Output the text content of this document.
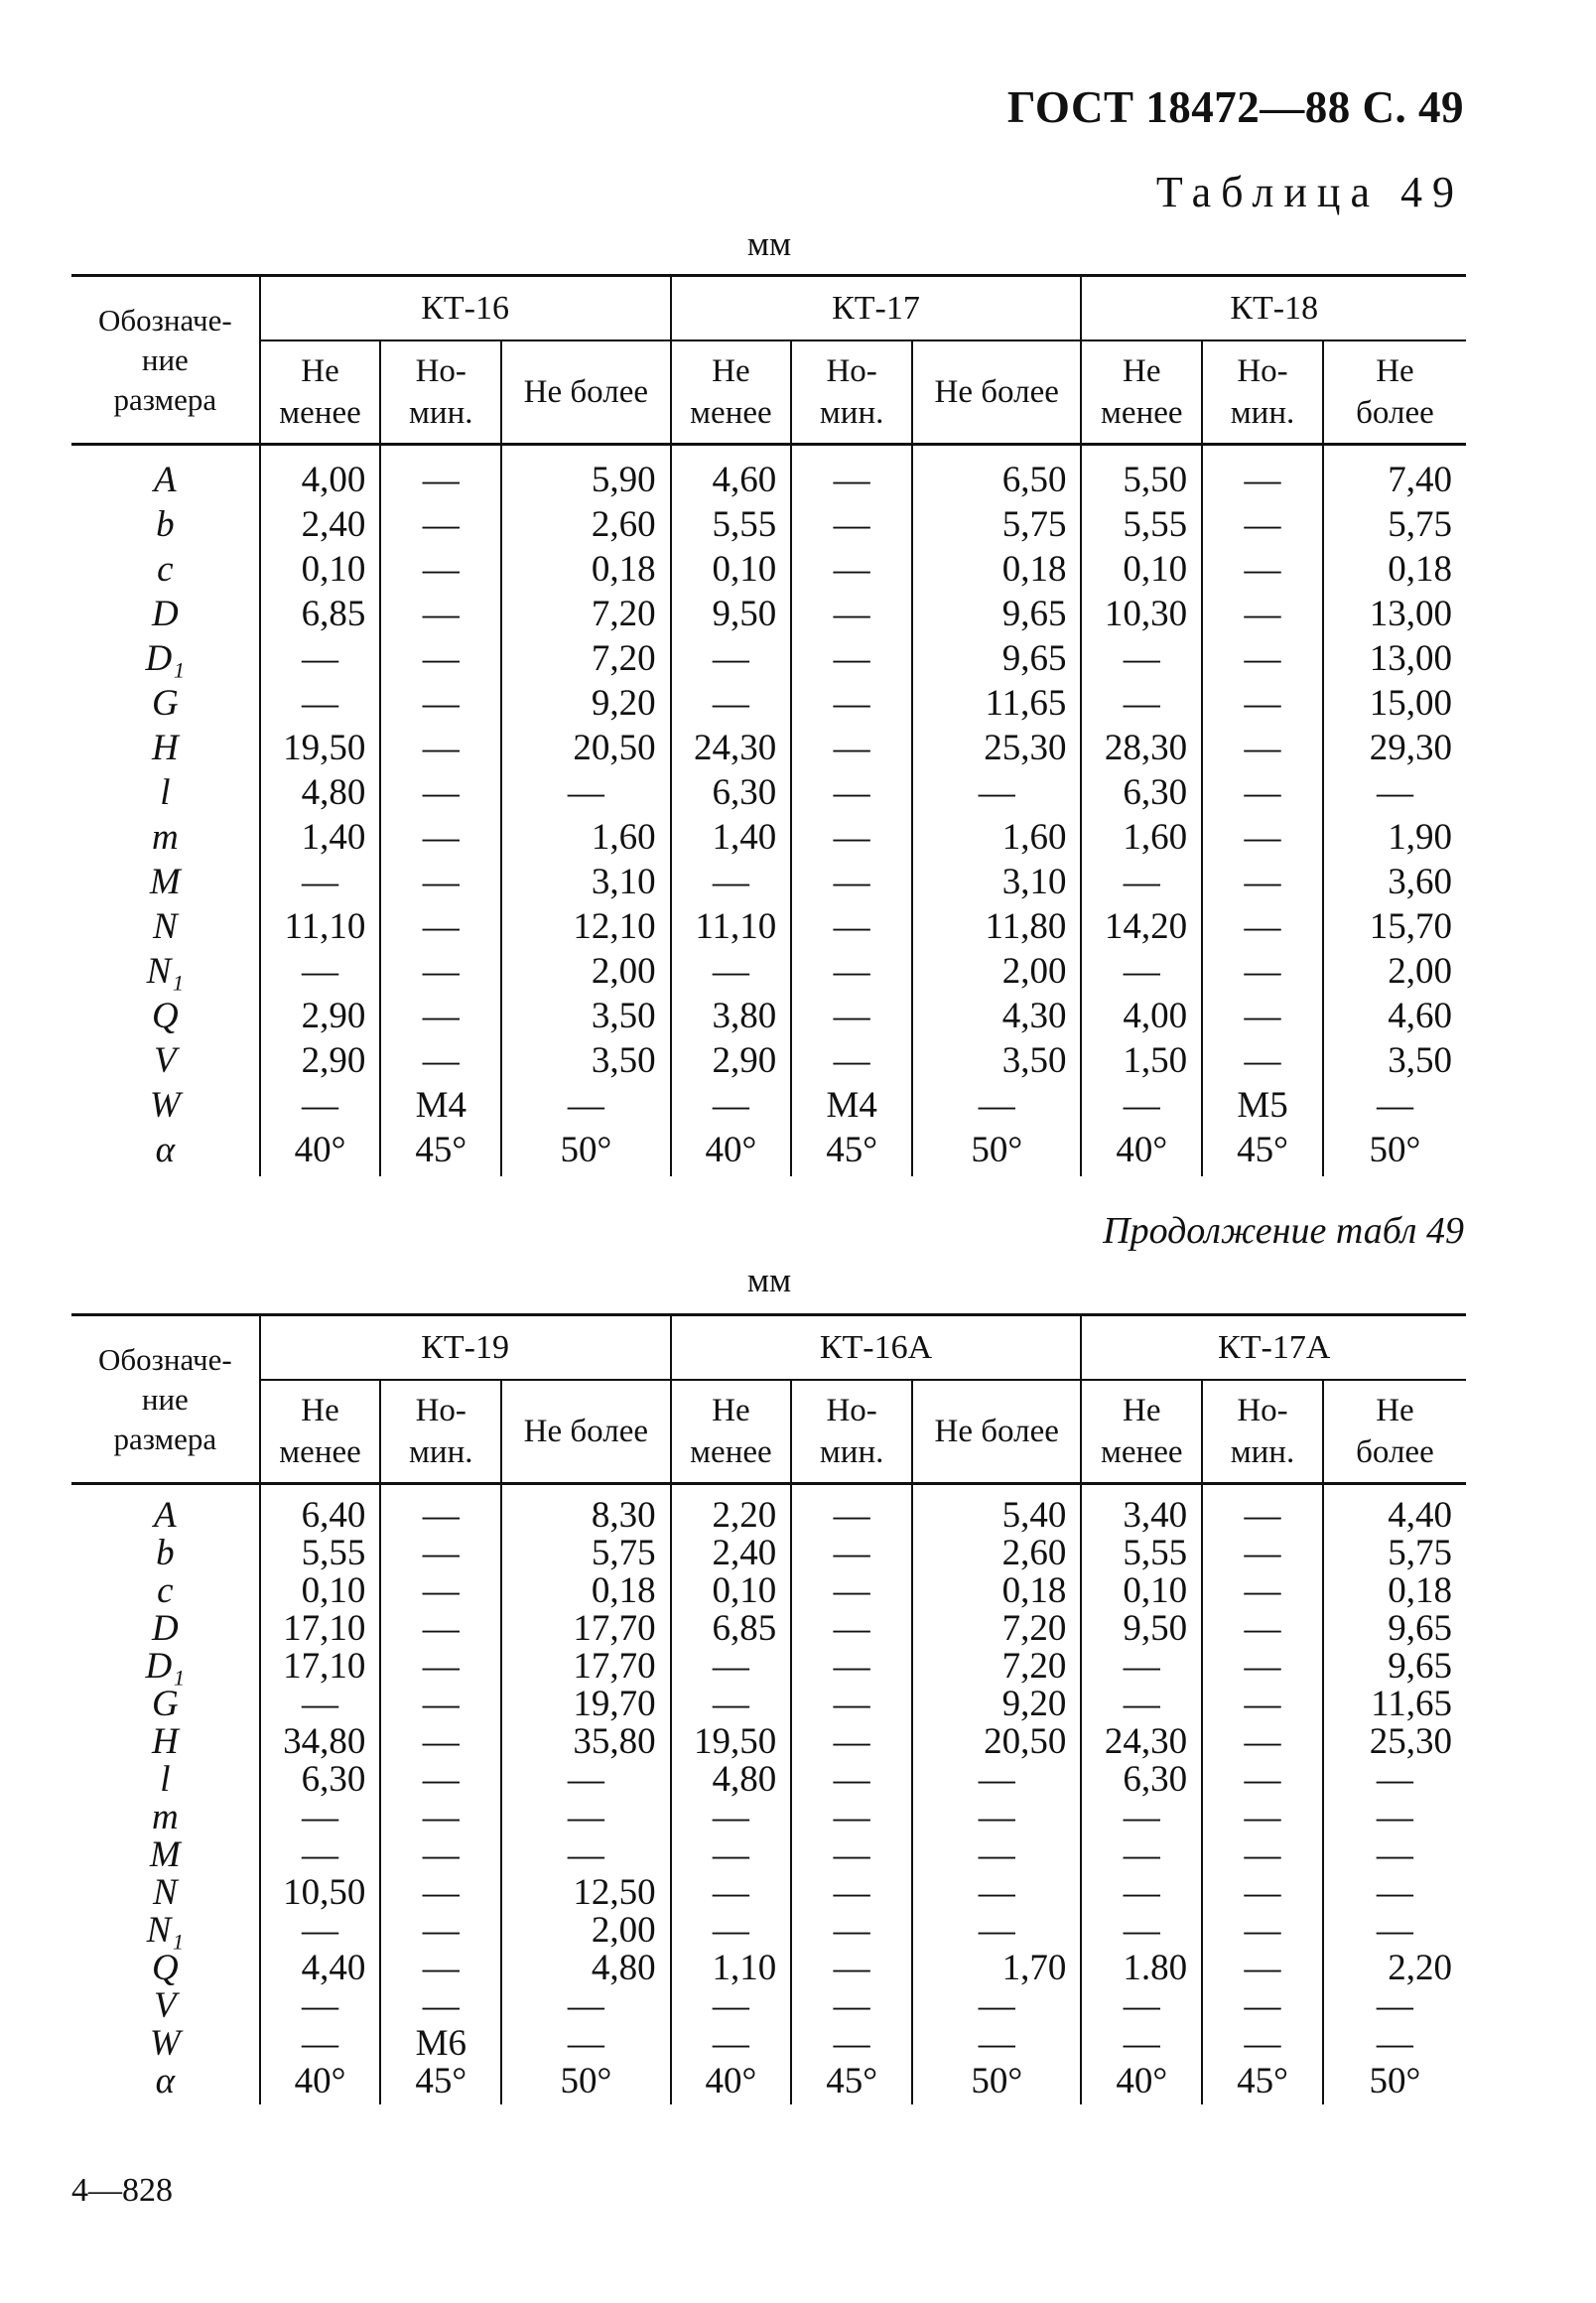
ГОСТ 18472—88 С. 49
Таблица 49
мм
Обозначе-
ние
размера	КТ-16			КТ-17			КТ-18		
	Не
менее	Но-
мин.	Не более	Не
менее	Но-
мин.	Не более	Не
менее	Но-
мин.	Не
более
A	4,00	—	5,90	4,60	—	6,50	5,50	—	7,40
b	2,40	—	2,60	5,55	—	5,75	5,55	—	5,75
c	0,10	—	0,18	0,10	—	0,18	0,10	—	0,18
D	6,85	—	7,20	9,50	—	9,65	10,30	—	13,00
D₁	—	—	7,20	—	—	9,65	—	—	13,00
G	—	—	9,20	—	—	11,65	—	—	15,00
H	19,50	—	20,50	24,30	—	25,30	28,30	—	29,30
l	4,80	—	—	6,30	—	—	6,30	—	—
m	1,40	—	1,60	1,40	—	1,60	1,60	—	1,90
M	—	—	3,10	—	—	3,10	—	—	3,60
N	11,10	—	12,10	11,10	—	11,80	14,20	—	15,70
N₁	—	—	2,00	—	—	2,00	—	—	2,00
Q	2,90	—	3,50	3,80	—	4,30	4,00	—	4,60
V	2,90	—	3,50	2,90	—	3,50	1,50	—	3,50
W	—	M4	—	—	M4	—	—	M5	—
α	40°	45°	50°	40°	45°	50°	40°	45°	50°
Продолжение табл 49
мм
Обозначе-
ние
размера	КТ-19			КТ-16А			КТ-17А		
	Не
менее	Но-
мин.	Не более	Не
менее	Но-
мин.	Не более	Не
менее	Но-
мин.	Не
более
A	6,40	—	8,30	2,20	—	5,40	3,40	—	4,40
b	5,55	—	5,75	2,40	—	2,60	5,55	—	5,75
c	0,10	—	0,18	0,10	—	0,18	0,10	—	0,18
D	17,10	—	17,70	6,85	—	7,20	9,50	—	9,65
D₁	17,10	—	17,70	—	—	7,20	—	—	9,65
G	—	—	19,70	—	—	9,20	—	—	11,65
H	34,80	—	35,80	19,50	—	20,50	24,30	—	25,30
l	6,30	—	—	4,80	—	—	6,30	—	—
m	—	—	—	—	—	—	—	—	—
M	—	—	—	—	—	—	—	—	—
N	10,50	—	12,50	—	—	—	—	—	—
N₁	—	—	2,00	—	—	—	—	—	—
Q	4,40	—	4,80	1,10	—	1,70	1.80	—	2,20
V	—	—	—	—	—	—	—	—	—
W	—	M6	—	—	—	—	—	—	—
α	40°	45°	50°	40°	45°	50°	40°	45°	50°
4—828
